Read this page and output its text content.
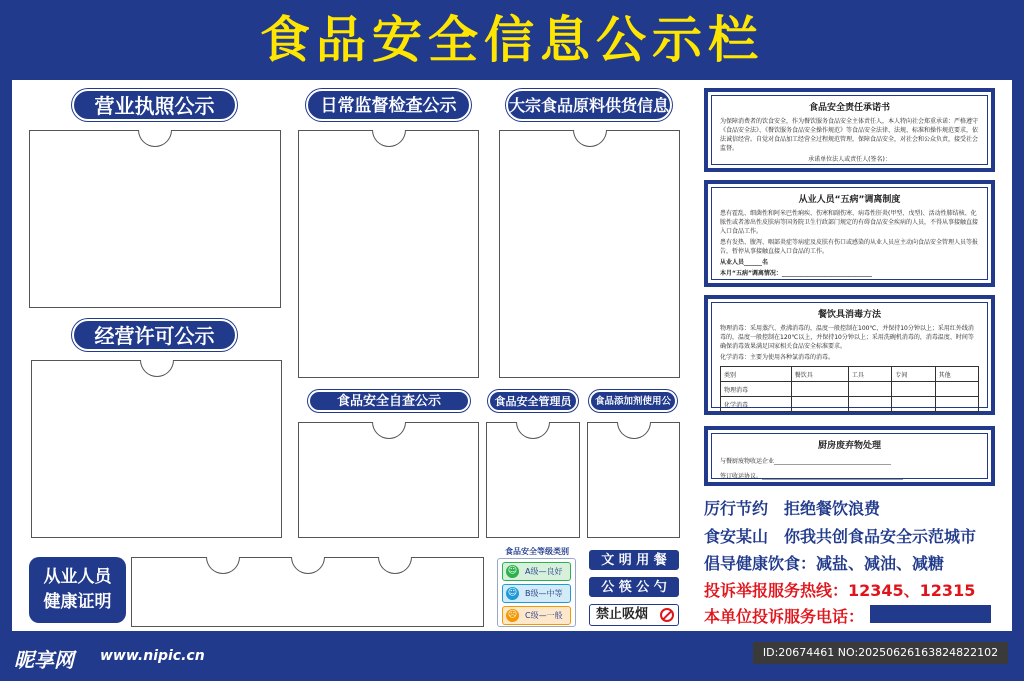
食品安全信息公示栏
营业执照公示
经营许可公示
从业人员健康证明
日常监督检查公示	大宗食品原料供货信息
食品安全自查公示	食品安全管理员	食品添加剂使用公
食品安全等级类别
☺ A级—良好
☺ B级—中等
☹ C级—一般
文 明 用 餐
公 筷 公 勺
禁止吸烟
食品安全责任承诺书

为保障消费者的饮食安全，作为餐饮服务食品安全主体责任人，本人特向社会郑重承诺：严格遵守《食品安全法》、《餐饮服务食品安全操作规范》等食品安全法律、法规、标准和操作规范要求，依法诚信经营。自觉对食品加工经营全过程规范管理，保障食品安全，对社会和公众负责，接受社会监督。

承诺单位法人或责任人(签名)：

从业人员“五病”调离制度

患有霍乱、细菌性和阿米巴性痢疾、伤寒和副伤寒、病毒性肝炎(甲型、戊型)、活动性肺结核、化脓性或者渗出性皮肤病等国务院卫生行政部门规定的有碍食品安全疾病的人员，不得从事接触直接入口食品工作。

患有发热、腹泻、咽部炎症等病症及皮肤有伤口或感染的从业人员应主动向食品安全管理人员等报告，暂停从事接触直接入口食品的工作。

从业人员______名

本月“五病”调离情况：______________________________

餐饮具消毒方法

物理消毒：采用蒸汽、煮沸消毒的，温度一般控制在100℃，并保持10分钟以上；采用红外线消毒的，温度一般控制在120℃以上，并保持10分钟以上；采用洗碗机消毒的，消毒温度、时间等确保消毒效果满足国家相关食品安全标准要求。

化学消毒：主要为使用各种氯消毒的消毒。

类别	餐饮具	工具	专间	其他
物理消毒				
化学消毒				
厨房废弃物处理

与餐厨废物收运企业_______________________________________

签订收运协议。_______________________________________________

厉行节约　拒绝餐饮浪费
食安某山　你我共创食品安全示范城市
倡导健康饮食：减盐、减油、减糖
投诉举报服务热线：12345、12315
本单位投诉服务电话：
昵享网 www.nipic.cn	ID:20674461 NO:20250626163824822102
